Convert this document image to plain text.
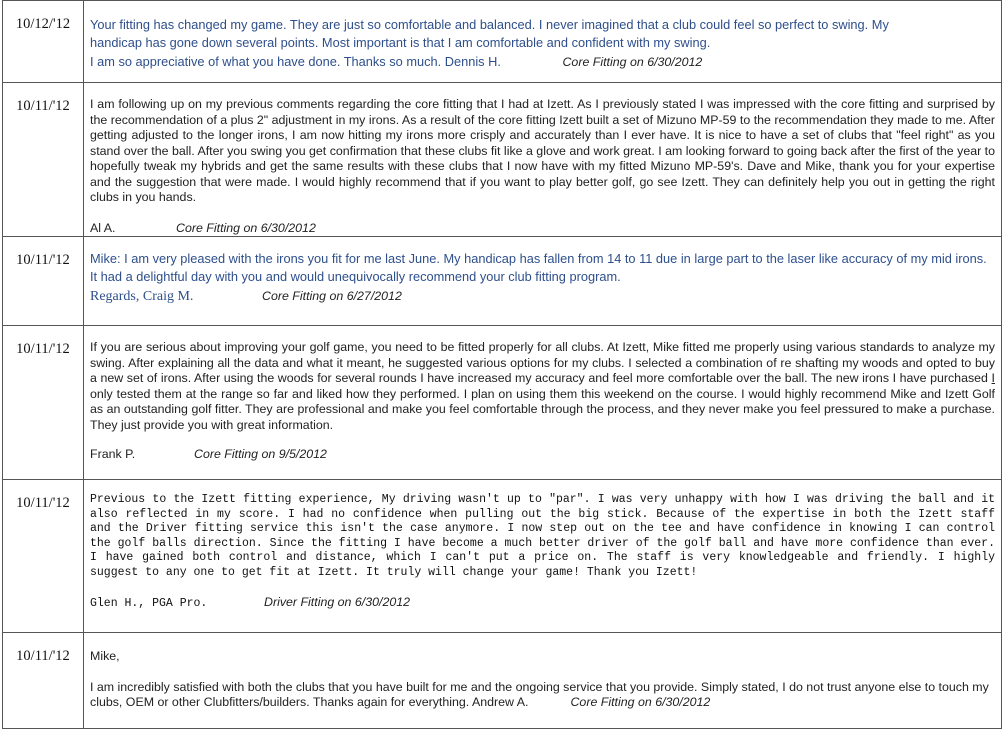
10/12/'12	Your fitting has changed my game. They are just so comfortable and balanced. I never imagined that a club could feel so perfect to swing. My

handicap has gone down several points. Most important is that I am comfortable and confident with my swing.

I am so appreciative of what you have done. Thanks so much. Dennis H. Core Fitting on 6/30/2012

10/11/'12	I am following up on my previous comments regarding the core fitting that I had at Izett. As I previously stated I was impressed with the core fitting and surprised by the recommendation of a plus 2" adjustment in my irons. As a result of the core fitting Izett built a set of Mizuno MP-59 to the recommendation they made to me. After getting adjusted to the longer irons, I am now hitting my irons more crisply and accurately than I ever have. It is nice to have a set of clubs that "feel right" as you stand over the ball. After you swing you get confirmation that these clubs fit like a glove and work great. I am looking forward to going back after the first of the year to hopefully tweak my hybrids and get the same results with these clubs that I now have with my fitted Mizuno MP-59's. Dave and Mike, thank you for your expertise and the suggestion that were made. I would highly recommend that if you want to play better golf, go see Izett. They can definitely help you out in getting the right clubs in you hands.
Al A. Core Fitting on 6/30/2012

10/11/'12	Mike: I am very pleased with the irons you fit for me last June. My handicap has fallen from 14 to 11 due in large part to the laser like accuracy of my mid irons. It had a delightful day with you and would unequivocally recommend your club fitting program.
Regards, Craig M. Core Fitting on 6/27/2012

10/11/'12	If you are serious about improving your golf game, you need to be fitted properly for all clubs. At Izett, Mike fitted me properly using various standards to analyze my swing. After explaining all the data and what it meant, he suggested various options for my clubs. I selected a combination of re shafting my woods and opted to buy a new set of irons. After using the woods for several rounds I have increased my accuracy and feel more comfortable over the ball. The new irons I have purchased I only tested them at the range so far and liked how they performed. I plan on using them this weekend on the course. I would highly recommend Mike and Izett Golf as an outstanding golf fitter. They are professional and make you feel comfortable through the process, and they never make you feel pressured to make a purchase. They just provide you with great information.
Frank P. Core Fitting on 9/5/2012

10/11/'12	Previous to the Izett fitting experience, My driving wasn't up to "par". I was very unhappy with how I was driving the ball and it also reflected in my score. I had no confidence when pulling out the big stick. Because of the expertise in both the Izett staff and the Driver fitting service this isn't the case anymore. I now step out on the tee and have confidence in knowing I can control the golf balls direction. Since the fitting I have become a much better driver of the golf ball and have more confidence than ever. I have gained both control and distance, which I can't put a price on. The staff is very knowledgeable and friendly. I highly suggest to any one to get fit at Izett. It truly will change your game! Thank you Izett!
Glen H., PGA Pro. Driver Fitting on 6/30/2012

10/11/'12	Mike,
I am incredibly satisfied with both the clubs that you have built for me and the ongoing service that you provide. Simply stated, I do not trust anyone else to touch my clubs, OEM or other Clubfitters/builders. Thanks again for everything. Andrew A. Core Fitting on 6/30/2012
